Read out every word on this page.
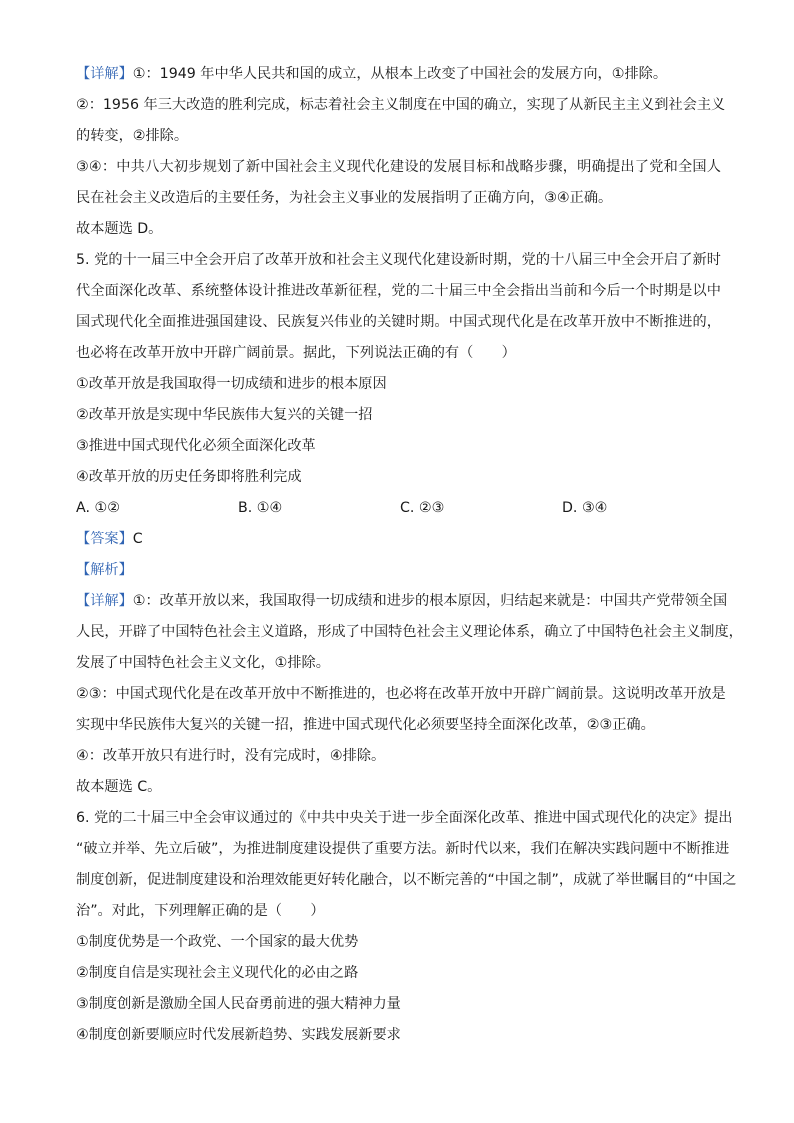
【详解】①：1949 年中华人民共和国的成立，从根本上改变了中国社会的发展方向，①排除。
②：1956 年三大改造的胜利完成，标志着社会主义制度在中国的确立，实现了从新民主主义到社会主义
的转变，②排除。
③④：中共八大初步规划了新中国社会主义现代化建设的发展目标和战略步骤，明确提出了党和全国人
民在社会主义改造后的主要任务，为社会主义事业的发展指明了正确方向，③④正确。
故本题选 D。
5. 党的十一届三中全会开启了改革开放和社会主义现代化建设新时期，党的十八届三中全会开启了新时
代全面深化改革、系统整体设计推进改革新征程，党的二十届三中全会指出当前和今后一个时期是以中
国式现代化全面推进强国建设、民族复兴伟业的关键时期。中国式现代化是在改革开放中不断推进的，
也必将在改革开放中开辟广阔前景。据此，下列说法正确的有（　　）
①改革开放是我国取得一切成绩和进步的根本原因
②改革开放是实现中华民族伟大复兴的关键一招
③推进中国式现代化必须全面深化改革
④改革开放的历史任务即将胜利完成
A. ①②	B. ①④	C. ②③	D. ③④
【答案】C
【解析】
【详解】①：改革开放以来，我国取得一切成绩和进步的根本原因，归结起来就是：中国共产党带领全国
人民，开辟了中国特色社会主义道路，形成了中国特色社会主义理论体系，确立了中国特色社会主义制度，
发展了中国特色社会主义文化，①排除。
②③：中国式现代化是在改革开放中不断推进的，也必将在改革开放中开辟广阔前景。这说明改革开放是
实现中华民族伟大复兴的关键一招，推进中国式现代化必须要坚持全面深化改革，②③正确。
④：改革开放只有进行时，没有完成时，④排除。
故本题选 C。
6. 党的二十届三中全会审议通过的《中共中央关于进一步全面深化改革、推进中国式现代化的决定》提出
“破立并举、先立后破”，为推进制度建设提供了重要方法。新时代以来，我们在解决实践问题中不断推进
制度创新，促进制度建设和治理效能更好转化融合，以不断完善的“中国之制”，成就了举世瞩目的“中国之
治”。对此，下列理解正确的是（　　）
①制度优势是一个政党、一个国家的最大优势
②制度自信是实现社会主义现代化的必由之路
③制度创新是激励全国人民奋勇前进的强大精神力量
④制度创新要顺应时代发展新趋势、实践发展新要求
